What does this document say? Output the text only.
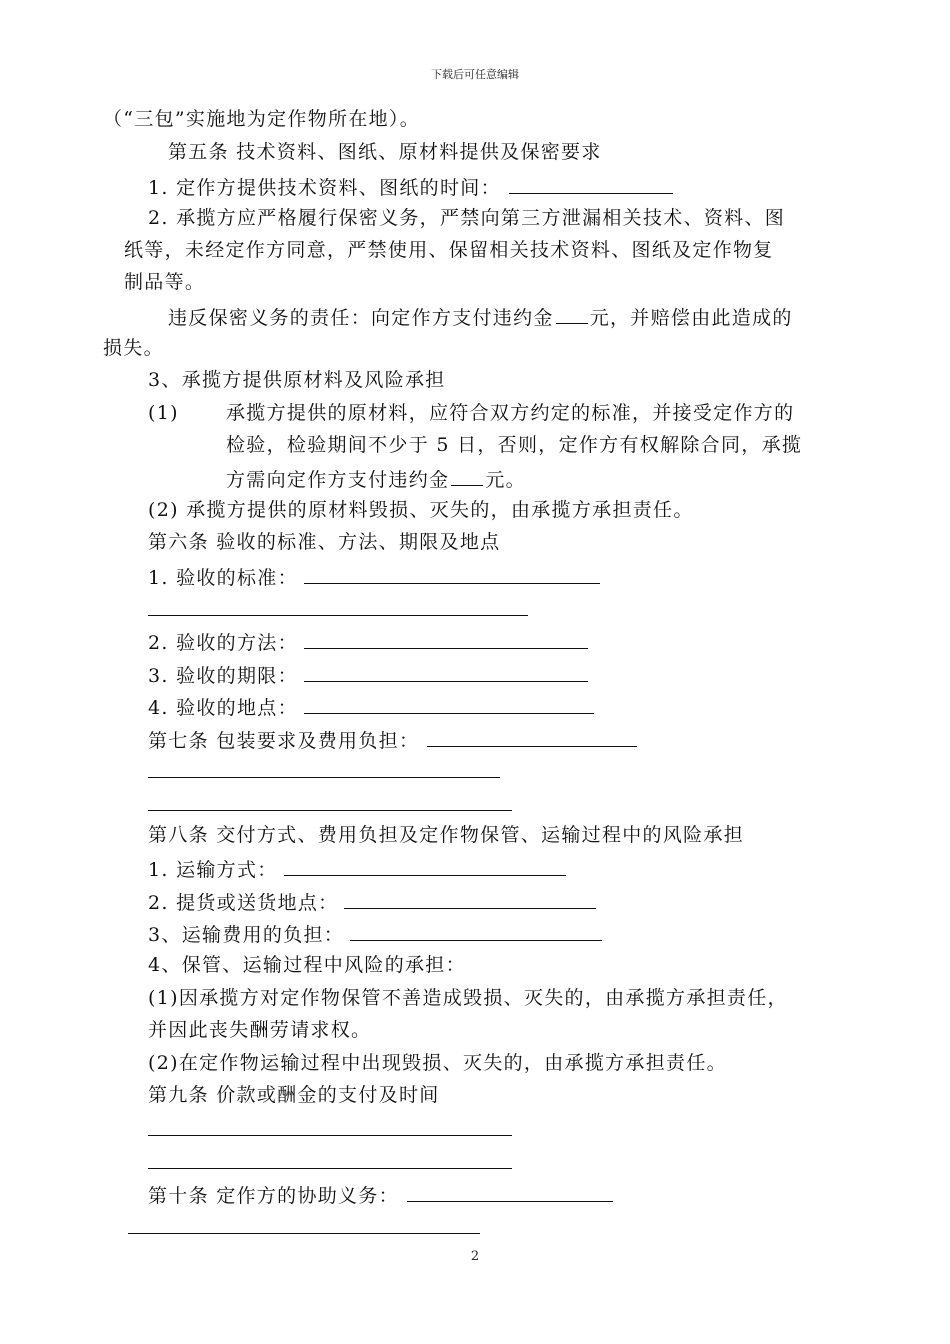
下载后可任意编辑
（“三包”实施地为定作物所在地）。
第五条 技术资料、图纸、原材料提供及保密要求
1. 定作方提供技术资料、图纸的时间：
2. 承揽方应严格履行保密义务，严禁向第三方泄漏相关技术、资料、图
纸等，未经定作方同意，严禁使用、保留相关技术资料、图纸及定作物复
制品等。
违反保密义务的责任：向定作方支付违约金 元，并赔偿由此造成的
损失。
3、承揽方提供原材料及风险承担
(1) 承揽方提供的原材料，应符合双方约定的标准，并接受定作方的
检验，检验期间不少于 5 日，否则，定作方有权解除合同，承揽
方需向定作方支付违约金 元。
(2) 承揽方提供的原材料毁损、灭失的，由承揽方承担责任。
第六条 验收的标准、方法、期限及地点
1. 验收的标准：
2. 验收的方法：
3. 验收的期限：
4. 验收的地点：
第七条 包装要求及费用负担：
第八条 交付方式、费用负担及定作物保管、运输过程中的风险承担
1. 运输方式：
2. 提货或送货地点：
3、运输费用的负担：
4、保管、运输过程中风险的承担：
(1)因承揽方对定作物保管不善造成毁损、灭失的，由承揽方承担责任，
并因此丧失酬劳请求权。
(2)在定作物运输过程中出现毁损、灭失的，由承揽方承担责任。
第九条 价款或酬金的支付及时间
第十条 定作方的协助义务：
2
